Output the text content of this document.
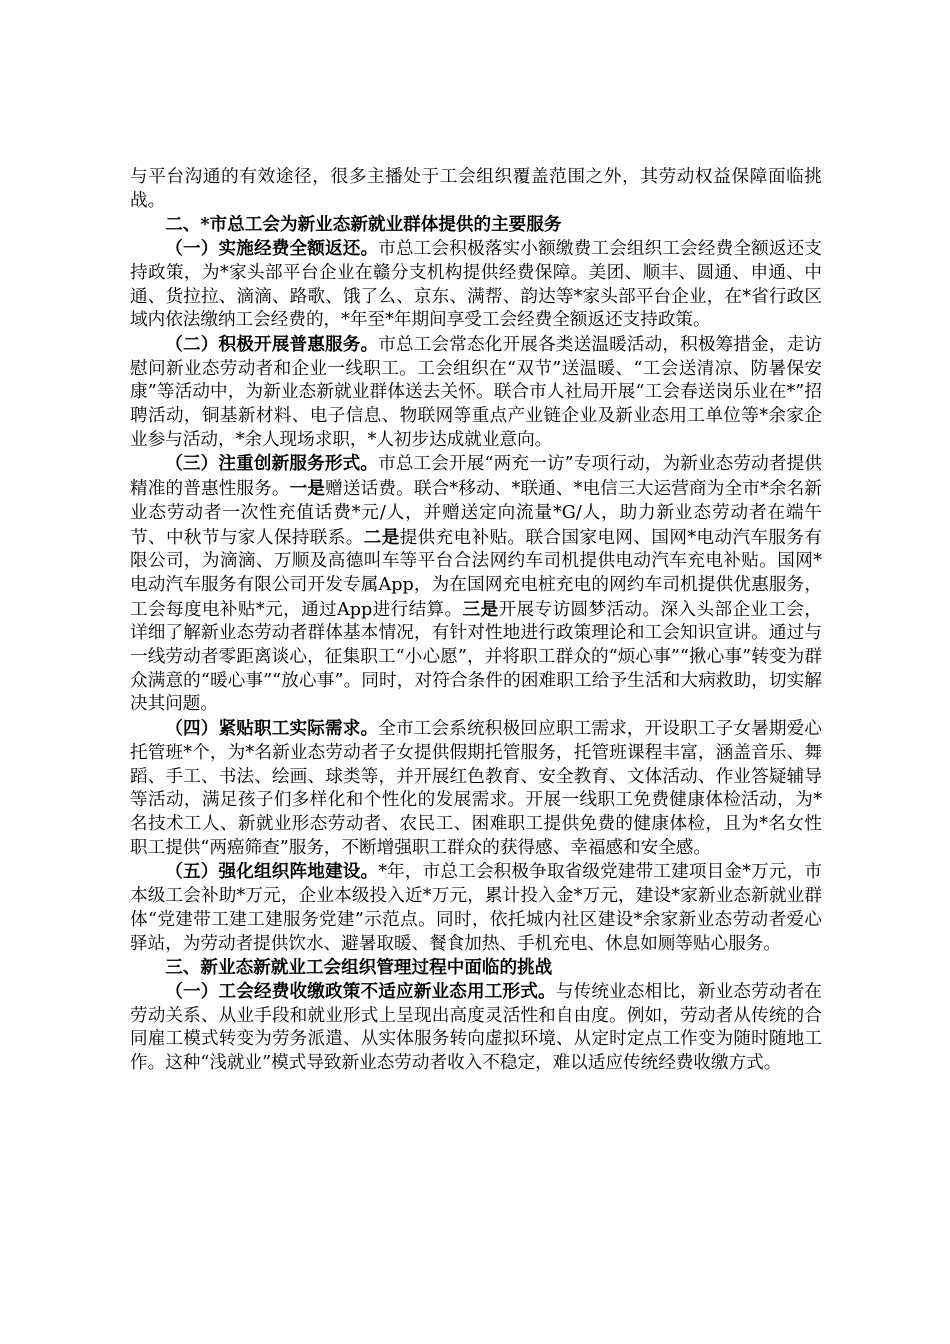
与平台沟通的有效途径，很多主播处于工会组织覆盖范围之外，其劳动权益保障面临挑战。

二、*市总工会为新业态新就业群体提供的主要服务

（一）实施经费全额返还。市总工会积极落实小额缴费工会组织工会经费全额返还支持政策，为*家头部平台企业在赣分支机构提供经费保障。美团、顺丰、圆通、申通、中通、货拉拉、滴滴、路歌、饿了么、京东、满帮、韵达等*家头部平台企业，在*省行政区域内依法缴纳工会经费的，*年至*年期间享受工会经费全额返还支持政策。

（二）积极开展普惠服务。市总工会常态化开展各类送温暖活动，积极筹措金，走访慰问新业态劳动者和企业一线职工。工会组织在“双节”送温暖、“工会送清凉、防暑保安康”等活动中，为新业态新就业群体送去关怀。联合市人社局开展“工会春送岗乐业在*”招聘活动，铜基新材料、电子信息、物联网等重点产业链企业及新业态用工单位等*余家企业参与活动，*余人现场求职，*人初步达成就业意向。

（三）注重创新服务形式。市总工会开展“两充一访”专项行动，为新业态劳动者提供精准的普惠性服务。一是赠送话费。联合*移动、*联通、*电信三大运营商为全市*余名新业态劳动者一次性充值话费*元/人，并赠送定向流量*G/人，助力新业态劳动者在端午节、中秋节与家人保持联系。二是提供充电补贴。联合国家电网、国网*电动汽车服务有限公司，为滴滴、万顺及高德叫车等平台合法网约车司机提供电动汽车充电补贴。国网*电动汽车服务有限公司开发专属App，为在国网充电桩充电的网约车司机提供优惠服务，工会每度电补贴*元，通过App进行结算。三是开展专访圆梦活动。深入头部企业工会，详细了解新业态劳动者群体基本情况，有针对性地进行政策理论和工会知识宣讲。通过与一线劳动者零距离谈心，征集职工“小心愿”，并将职工群众的“烦心事”“揪心事”转变为群众满意的“暖心事”“放心事”。同时，对符合条件的困难职工给予生活和大病救助，切实解决其问题。

（四）紧贴职工实际需求。全市工会系统积极回应职工需求，开设职工子女暑期爱心托管班*个，为*名新业态劳动者子女提供假期托管服务，托管班课程丰富，涵盖音乐、舞蹈、手工、书法、绘画、球类等，并开展红色教育、安全教育、文体活动、作业答疑辅导等活动，满足孩子们多样化和个性化的发展需求。开展一线职工免费健康体检活动，为*名技术工人、新就业形态劳动者、农民工、困难职工提供免费的健康体检，且为*名女性职工提供“两癌筛查”服务，不断增强职工群众的获得感、幸福感和安全感。

（五）强化组织阵地建设。*年，市总工会积极争取省级党建带工建项目金*万元，市本级工会补助*万元，企业本级投入近*万元，累计投入金*万元，建设*家新业态新就业群体“党建带工建工建服务党建”示范点。同时，依托城内社区建设*余家新业态劳动者爱心驿站，为劳动者提供饮水、避暑取暖、餐食加热、手机充电、休息如厕等贴心服务。

三、新业态新就业工会组织管理过程中面临的挑战

（一）工会经费收缴政策不适应新业态用工形式。与传统业态相比，新业态劳动者在劳动关系、从业手段和就业形式上呈现出高度灵活性和自由度。例如，劳动者从传统的合同雇工模式转变为劳务派遣、从实体服务转向虚拟环境、从定时定点工作变为随时随地工作。这种“浅就业”模式导致新业态劳动者收入不稳定，难以适应传统经费收缴方式。
